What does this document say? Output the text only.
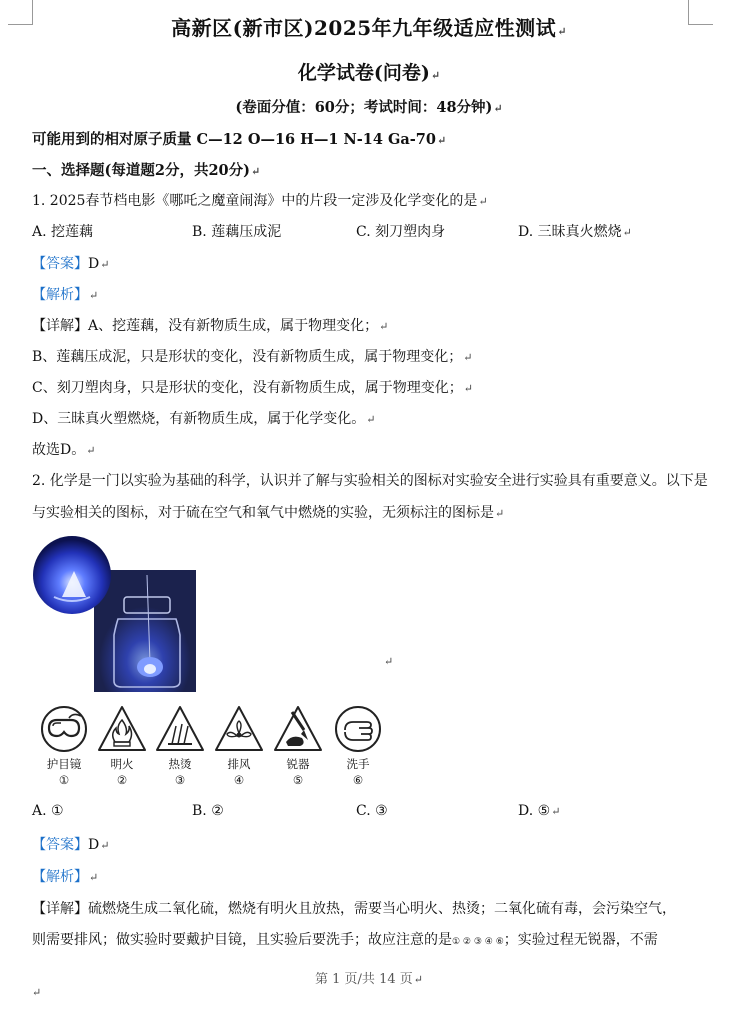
高新区(新市区)2025年九年级适应性测试↵
化学试卷(问卷)↵
(卷面分值：60分；考试时间：48分钟)↵
可能用到的相对原子质量 C—12 O—16 H—1 N-14 Ga-70↵
一、选择题(每道题2分，共20分)↵
1. 2025春节档电影《哪吒之魔童闹海》中的片段一定涉及化学变化的是↵
A. 挖莲藕	B. 莲藕压成泥	C. 刻刀塑肉身	D. 三昧真火燃烧↵
【答案】D↵
【解析】↵
【详解】A、挖莲藕，没有新物质生成，属于物理变化；↵
B、莲藕压成泥，只是形状的变化，没有新物质生成，属于物理变化；↵
C、刻刀塑肉身，只是形状的变化，没有新物质生成，属于物理变化；↵
D、三昧真火塑燃烧，有新物质生成，属于化学变化。↵
故选D。↵
2. 化学是一门以实验为基础的科学，认识并了解与实验相关的图标对实验安全进行实验具有重要意义。以下是
与实验相关的图标，对于硫在空气和氧气中燃烧的实验，无须标注的图标是↵
↵
护目镜
①
明火
②
热烫
③
排风
④
锐器
⑤
洗手
⑥
A. ①	B. ②	C. ③	D. ⑤↵
【答案】D↵
【解析】↵
【详解】硫燃烧生成二氧化硫，燃烧有明火且放热，需要当心明火、热烫；二氧化硫有毒，会污染空气，
则需要排风；做实验时要戴护目镜，且实验后要洗手；故应注意的是① ② ③ ④ ⑥；实验过程无锐器，不需
第 1 页/共 14 页↵
↵
